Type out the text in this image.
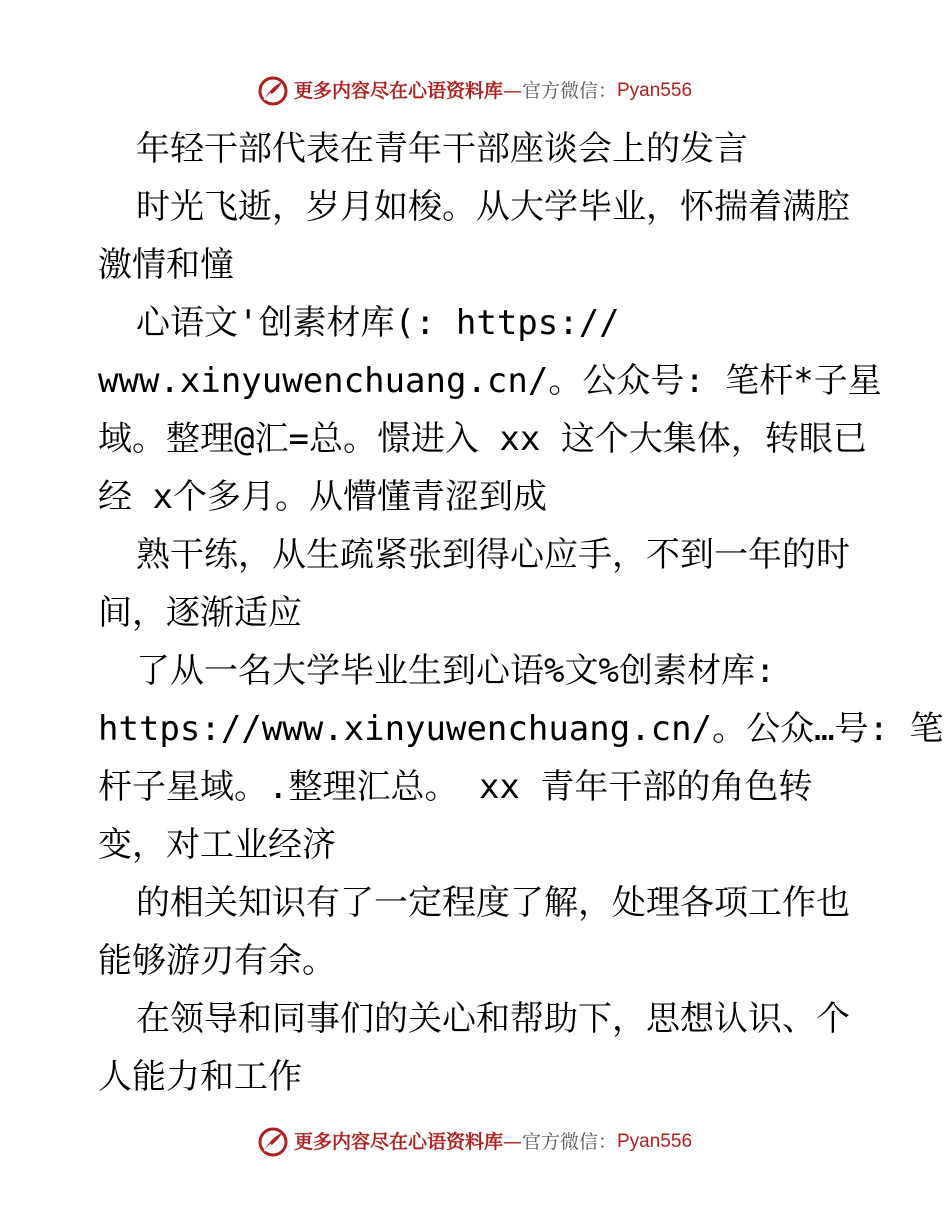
更多内容尽在心语资料库 — 官方微信： Pyan556
年轻干部代表在青年干部座谈会上的发言
时光飞逝，岁月如梭。从大学毕业，怀揣着满腔
激情和憧
心语文'创素材库(: https://
www.xinyuwenchuang.cn/。公众号: 笔杆*子星
域。整理@汇=总。憬进入 xx 这个大集体，转眼已
经 x个多月。从懵懂青涩到成
熟干练，从生疏紧张到得心应手，不到一年的时
间，逐渐适应
了从一名大学毕业生到心语%文%创素材库:
https://www.xinyuwenchuang.cn/。公众…号: 笔
杆子星域。.整理汇总。 xx 青年干部的角色转
变，对工业经济
的相关知识有了一定程度了解，处理各项工作也
能够游刃有余。
在领导和同事们的关心和帮助下，思想认识、个
人能力和工作
更多内容尽在心语资料库 — 官方微信： Pyan556
